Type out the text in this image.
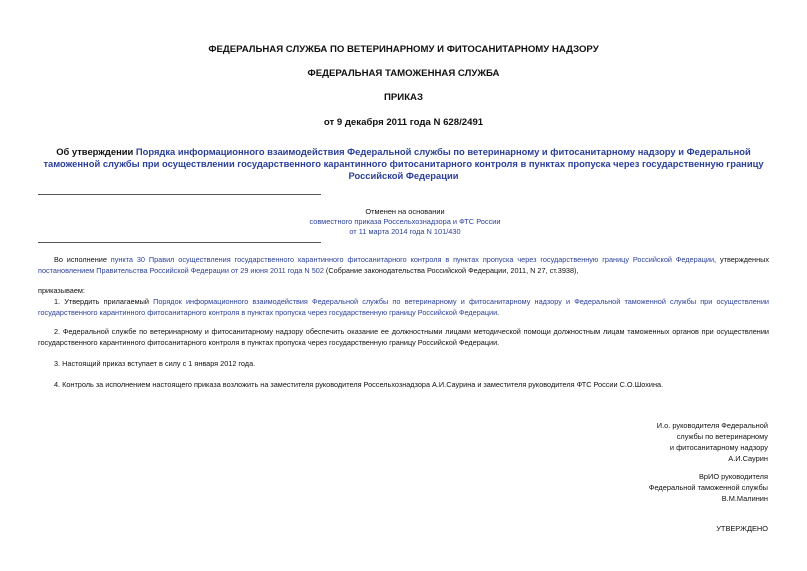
ФЕДЕРАЛЬНАЯ СЛУЖБА ПО ВЕТЕРИНАРНОМУ И ФИТОСАНИТАРНОМУ НАДЗОРУ
ФЕДЕРАЛЬНАЯ ТАМОЖЕННАЯ СЛУЖБА
ПРИКАЗ
от 9 декабря 2011 года N 628/2491
Об утверждении Порядка информационного взаимодействия Федеральной службы по ветеринарному и фитосанитарному надзору и Федеральной таможенной службы при осуществлении государственного карантинного фитосанитарного контроля в пунктах пропуска через государственную границу Российской Федерации
Отменен на основании
совместного приказа Россельхознадзора и ФТС России
от 11 марта 2014 года N 101/430
Во исполнение пункта 30 Правил осуществления государственного карантинного фитосанитарного контроля в пунктах пропуска через государственную границу Российской Федерации, утвержденных постановлением Правительства Российской Федерации от 29 июня 2011 года N 502 (Собрание законодательства Российской Федерации, 2011, N 27, ст.3938),
приказываем:
1. Утвердить прилагаемый Порядок информационного взаимодействия Федеральной службы по ветеринарному и фитосанитарному надзору и Федеральной таможенной службы при осуществлении государственного карантинного фитосанитарного контроля в пунктах пропуска через государственную границу Российской Федерации.
2. Федеральной службе по ветеринарному и фитосанитарному надзору обеспечить оказание ее должностными лицами методической помощи должностным лицам таможенных органов при осуществлении государственного карантинного фитосанитарного контроля в пунктах пропуска через государственную границу Российской Федерации.
3. Настоящий приказ вступает в силу с 1 января 2012 года.
4. Контроль за исполнением настоящего приказа возложить на заместителя руководителя Россельхознадзора А.И.Саурина и заместителя руководителя ФТС России С.О.Шохина.
И.о. руководителя Федеральной
службы по ветеринарному
и фитосанитарному надзору
А.И.Саурин
ВрИО руководителя
Федеральной таможенной службы
В.М.Малинин
УТВЕРЖДЕНО
